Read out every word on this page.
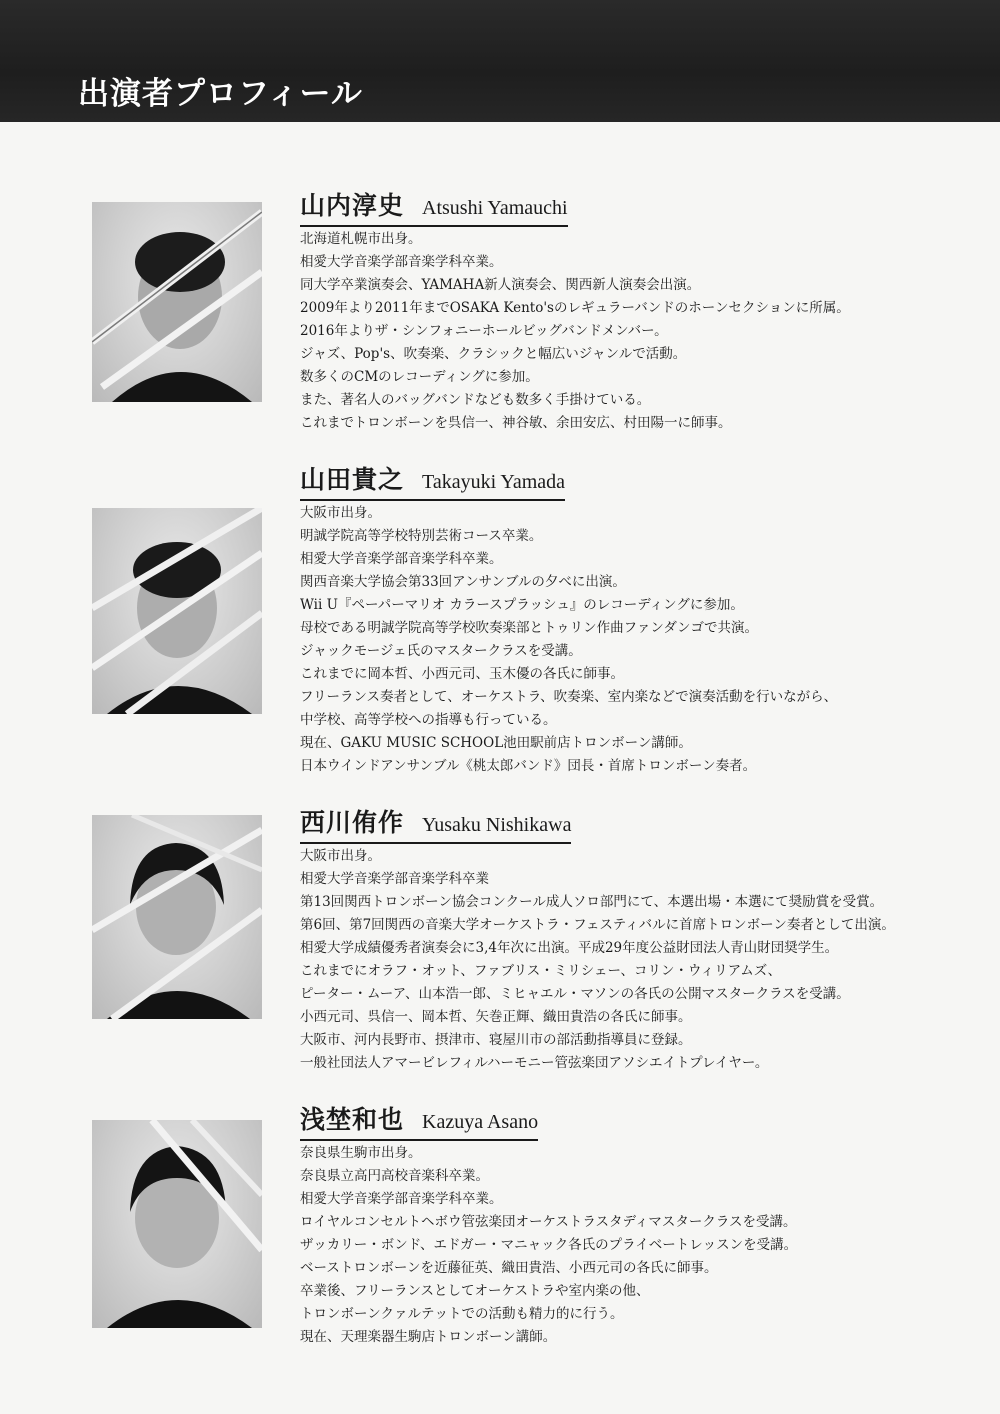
出演者プロフィール
山内淳史 Atsushi Yamauchi
北海道札幌市出身。
相愛大学音楽学部音楽学科卒業。
同大学卒業演奏会、YAMAHA新人演奏会、関西新人演奏会出演。
2009年より2011年までOSAKA Kento'sのレギュラーバンドのホーンセクションに所属。
2016年よりザ・シンフォニーホールビッグバンドメンバー。
ジャズ、Pop's、吹奏楽、クラシックと幅広いジャンルで活動。
数多くのCMのレコーディングに参加。
また、著名人のバッグバンドなども数多く手掛けている。
これまでトロンボーンを呉信一、神谷敏、余田安広、村田陽一に師事。
山田貴之 Takayuki Yamada
大阪市出身。
明誠学院高等学校特別芸術コース卒業。
相愛大学音楽学部音楽学科卒業。
関西音楽大学協会第33回アンサンブルの夕べに出演。
Wii U『ペーパーマリオ カラースプラッシュ』のレコーディングに参加。
母校である明誠学院高等学校吹奏楽部とトゥリン作曲ファンダンゴで共演。
ジャックモージェ氏のマスタークラスを受講。
これまでに岡本哲、小西元司、玉木優の各氏に師事。
フリーランス奏者として、オーケストラ、吹奏楽、室内楽などで演奏活動を行いながら、
中学校、高等学校への指導も行っている。
現在、GAKU MUSIC SCHOOL池田駅前店トロンボーン講師。
日本ウインドアンサンブル《桃太郎バンド》団長・首席トロンボーン奏者。
西川侑作 Yusaku Nishikawa
大阪市出身。
相愛大学音楽学部音楽学科卒業
第13回関西トロンボーン協会コンクール成人ソロ部門にて、本選出場・本選にて奨励賞を受賞。
第6回、第7回関西の音楽大学オーケストラ・フェスティバルに首席トロンボーン奏者として出演。
相愛大学成績優秀者演奏会に3,4年次に出演。平成29年度公益財団法人青山財団奨学生。
これまでにオラフ・オット、ファブリス・ミリシェー、コリン・ウィリアムズ、
ピーター・ムーア、山本浩一郎、ミヒャエル・マソンの各氏の公開マスタークラスを受講。
小西元司、呉信一、岡本哲、矢巻正輝、織田貴浩の各氏に師事。
大阪市、河内長野市、摂津市、寝屋川市の部活動指導員に登録。
一般社団法人アマービレフィルハーモニー管弦楽団アソシエイトプレイヤー。
浅埜和也 Kazuya Asano
奈良県生駒市出身。
奈良県立高円高校音楽科卒業。
相愛大学音楽学部音楽学科卒業。
ロイヤルコンセルトヘボウ管弦楽団オーケストラスタディマスタークラスを受講。
ザッカリー・ボンド、エドガー・マニャック各氏のプライベートレッスンを受講。
ベーストロンボーンを近藤征英、織田貴浩、小西元司の各氏に師事。
卒業後、フリーランスとしてオーケストラや室内楽の他、
トロンボーンクァルテットでの活動も精力的に行う。
現在、天理楽器生駒店トロンボーン講師。
